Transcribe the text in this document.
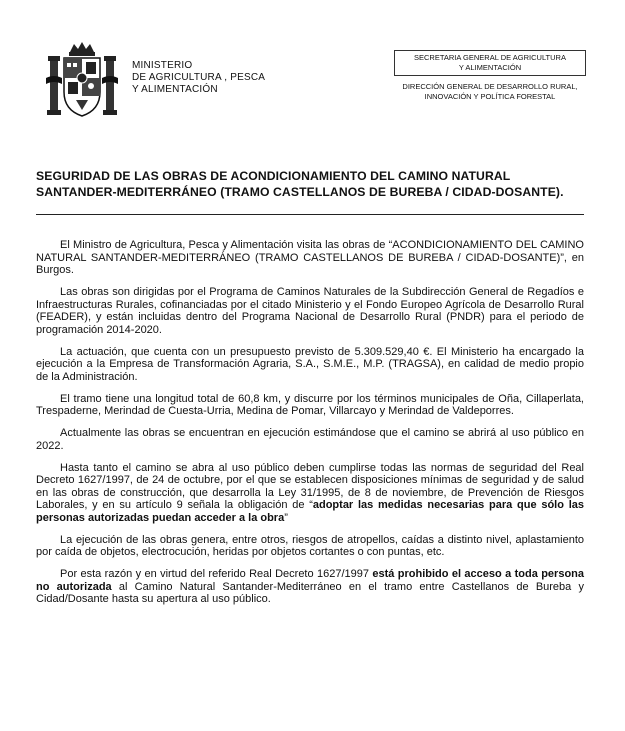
MINISTERIO
DE AGRICULTURA , PESCA
Y ALIMENTACIÓN
SECRETARIA GENERAL DE AGRICULTURA
Y ALIMENTACIÓN
DIRECCIÓN GENERAL DE DESARROLLO RURAL,
INNOVACIÓN Y POLÍTICA FORESTAL
SEGURIDAD DE LAS OBRAS DE ACONDICIONAMIENTO DEL CAMINO NATURAL
SANTANDER-MEDITERRÁNEO (TRAMO CASTELLANOS DE BUREBA / CIDAD-DOSANTE).

El Ministro de Agricultura, Pesca y Alimentación visita las obras de “ACONDICIONAMIENTO DEL CAMINO NATURAL SANTANDER-MEDITERRÁNEO (TRAMO CASTELLANOS DE BUREBA / CIDAD-DOSANTE)”, en Burgos.

Las obras son dirigidas por el Programa de Caminos Naturales de la Subdirección General de Regadíos e Infraestructuras Rurales, cofinanciadas por el citado Ministerio y el Fondo Europeo Agrícola de Desarrollo Rural (FEADER), y están incluidas dentro del Programa Nacional de Desarrollo Rural (PNDR) para el periodo de programación 2014-2020.

La actuación, que cuenta con un presupuesto previsto de 5.309.529,40 €. El Ministerio ha encargado la ejecución a la Empresa de Transformación Agraria, S.A., S.M.E., M.P. (TRAGSA), en calidad de medio propio de la Administración.

El tramo tiene una longitud total de 60,8 km, y discurre por los términos municipales de Oña, Cillaperlata, Trespaderne, Merindad de Cuesta-Urria, Medina de Pomar, Villarcayo y Merindad de Valdeporres.

Actualmente las obras se encuentran en ejecución estimándose que el camino se abrirá al uso público en 2022.

Hasta tanto el camino se abra al uso público deben cumplirse todas las normas de seguridad del Real Decreto 1627/1997, de 24 de octubre, por el que se establecen disposiciones mínimas de seguridad y de salud en las obras de construcción, que desarrolla la Ley 31/1995, de 8 de noviembre, de Prevención de Riesgos Laborales, y en su artículo 9 señala la obligación de “adoptar las medidas necesarias para que sólo las personas autorizadas puedan acceder a la obra”

La ejecución de las obras genera, entre otros, riesgos de atropellos, caídas a distinto nivel, aplastamiento por caída de objetos, electrocución, heridas por objetos cortantes o con puntas, etc.

Por esta razón y en virtud del referido Real Decreto 1627/1997 está prohibido el acceso a toda persona no autorizada al Camino Natural Santander-Mediterráneo en el tramo entre Castellanos de Bureba y Cidad/Dosante hasta su apertura al uso público.
